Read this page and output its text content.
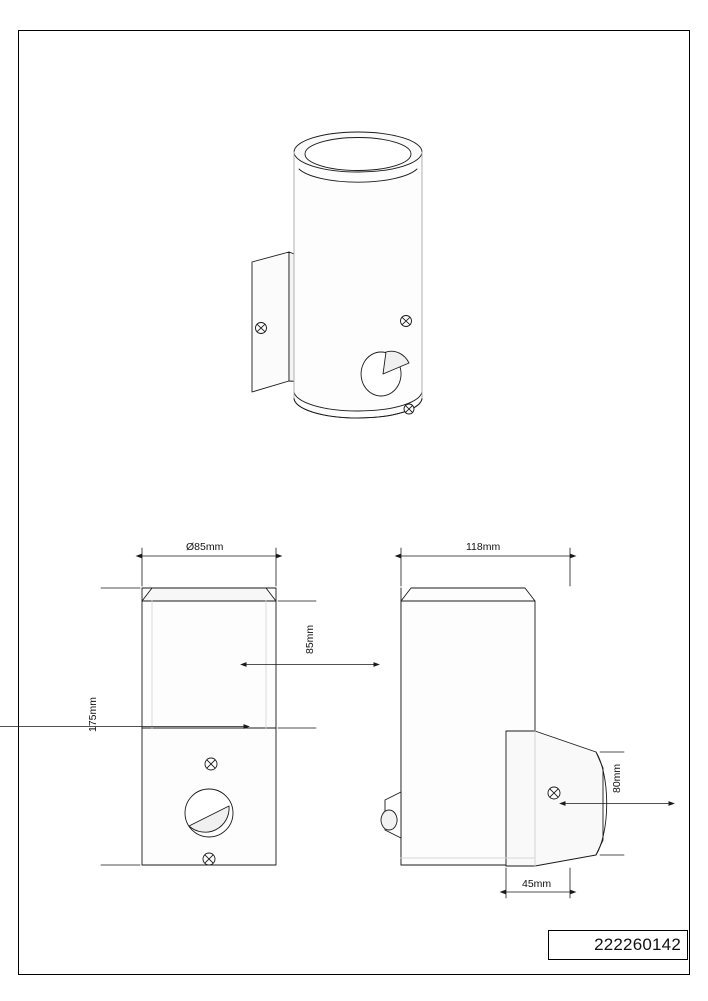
Ø85mm	118mm
85mm
80mm
45mm
222260142
